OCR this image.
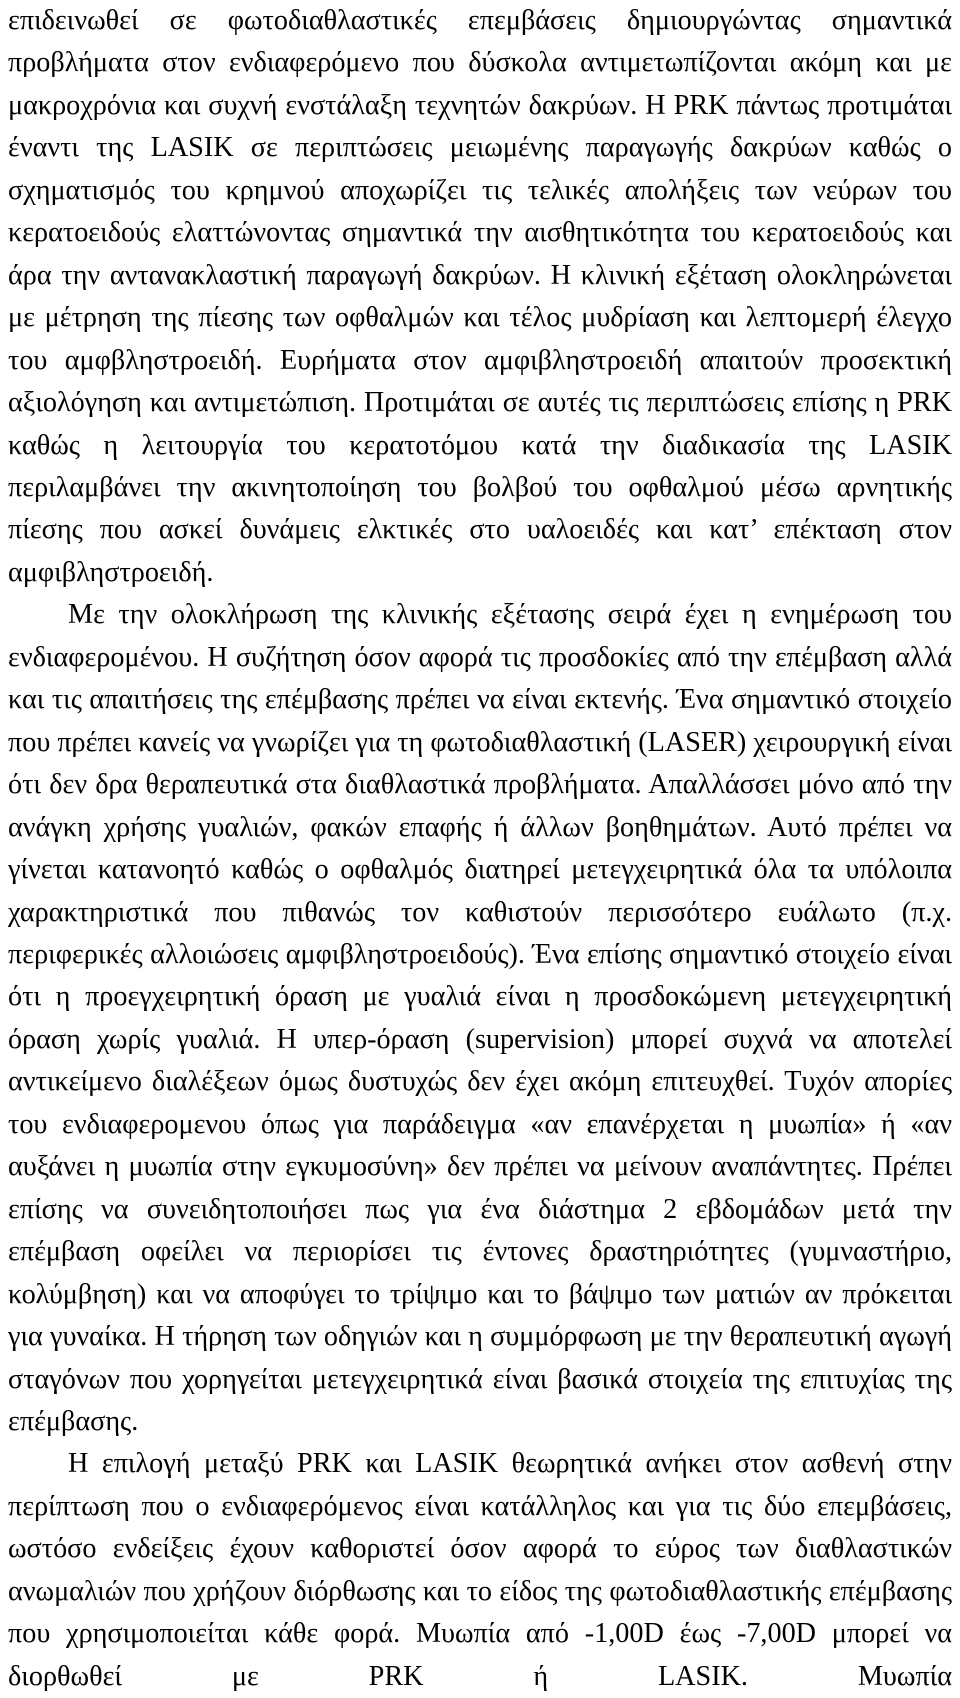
επιδεινωθεί σε φωτοδιαθλαστικές επεμβάσεις δημιουργώντας σημαντικά προβλήματα στον ενδιαφερόμενο που δύσκολα αντιμετωπίζονται ακόμη και με μακροχρόνια και συχνή ενστάλαξη τεχνητών δακρύων. Η PRK πάντως προτιμάται έναντι της LASIK σε περιπτώσεις μειωμένης παραγωγής δακρύων καθώς ο σχηματισμός του κρημνού αποχωρίζει τις τελικές απολήξεις των νεύρων του κερατοειδούς ελαττώνοντας σημαντικά την αισθητικότητα του κερατοειδούς και άρα την αντανακλαστική παραγωγή δακρύων. Η κλινική εξέταση ολοκληρώνεται με μέτρηση της πίεσης των οφθαλμών και τέλος μυδρίαση και λεπτομερή έλεγχο του αμφβληστροειδή. Ευρήματα στον αμφιβληστροειδή απαιτούν προσεκτική αξιολόγηση και αντιμετώπιση. Προτιμάται σε αυτές τις περιπτώσεις επίσης η PRK καθώς η λειτουργία του κερατοτόμου κατά την διαδικασία της LASIK περιλαμβάνει την ακινητοποίηση του βολβού του οφθαλμού μέσω αρνητικής πίεσης που ασκεί δυνάμεις ελκτικές στο υαλοειδές και κατ’ επέκταση στον αμφιβληστροειδή.

Με την ολοκλήρωση της κλινικής εξέτασης σειρά έχει η ενημέρωση του ενδιαφερομένου. Η συζήτηση όσον αφορά τις προσδοκίες από την επέμβαση αλλά και τις απαιτήσεις της επέμβασης πρέπει να είναι εκτενής. Ένα σημαντικό στοιχείο που πρέπει κανείς να γνωρίζει για τη φωτοδιαθλαστική (LASER) χειρουργική είναι ότι δεν δρα θεραπευτικά στα διαθλαστικά προβλήματα. Απαλλάσσει μόνο από την ανάγκη χρήσης γυαλιών, φακών επαφής ή άλλων βοηθημάτων. Αυτό πρέπει να γίνεται κατανοητό καθώς ο οφθαλμός διατηρεί μετεγχειρητικά όλα τα υπόλοιπα χαρακτηριστικά που πιθανώς τον καθιστούν περισσότερο ευάλωτο (π.χ. περιφερικές αλλοιώσεις αμφιβληστροειδούς). Ένα επίσης σημαντικό στοιχείο είναι ότι η προεγχειρητική όραση με γυαλιά είναι η προσδοκώμενη μετεγχειρητική όραση χωρίς γυαλιά. Η υπερ-όραση (supervision) μπορεί συχνά να αποτελεί αντικείμενο διαλέξεων όμως δυστυχώς δεν έχει ακόμη επιτευχθεί. Τυχόν απορίες του ενδιαφερομενου όπως για παράδειγμα «αν επανέρχεται η μυωπία» ή «αν αυξάνει η μυωπία στην εγκυμοσύνη» δεν πρέπει να μείνουν αναπάντητες. Πρέπει επίσης να συνειδητοποιήσει πως για ένα διάστημα 2 εβδομάδων μετά την επέμβαση οφείλει να περιορίσει τις έντονες δραστηριότητες (γυμναστήριο, κολύμβηση) και να αποφύγει το τρίψιμο και το βάψιμο των ματιών αν πρόκειται για γυναίκα. Η τήρηση των οδηγιών και η συμμόρφωση με την θεραπευτική αγωγή σταγόνων που χορηγείται μετεγχειρητικά είναι βασικά στοιχεία της επιτυχίας της επέμβασης.

Η επιλογή μεταξύ PRK και LASIK θεωρητικά ανήκει στον ασθενή στην περίπτωση που ο ενδιαφερόμενος είναι κατάλληλος και για τις δύο επεμβάσεις, ωστόσο ενδείξεις έχουν καθοριστεί όσον αφορά το εύρος των διαθλαστικών ανωμαλιών που χρήζουν διόρθωσης και το είδος της φωτοδιαθλαστικής επέμβασης που χρησιμοποιείται κάθε φορά. Μυωπία από -1,00D έως -7,00D μπορεί να διορθωθεί με PRK ή LASIK. Μυωπία
